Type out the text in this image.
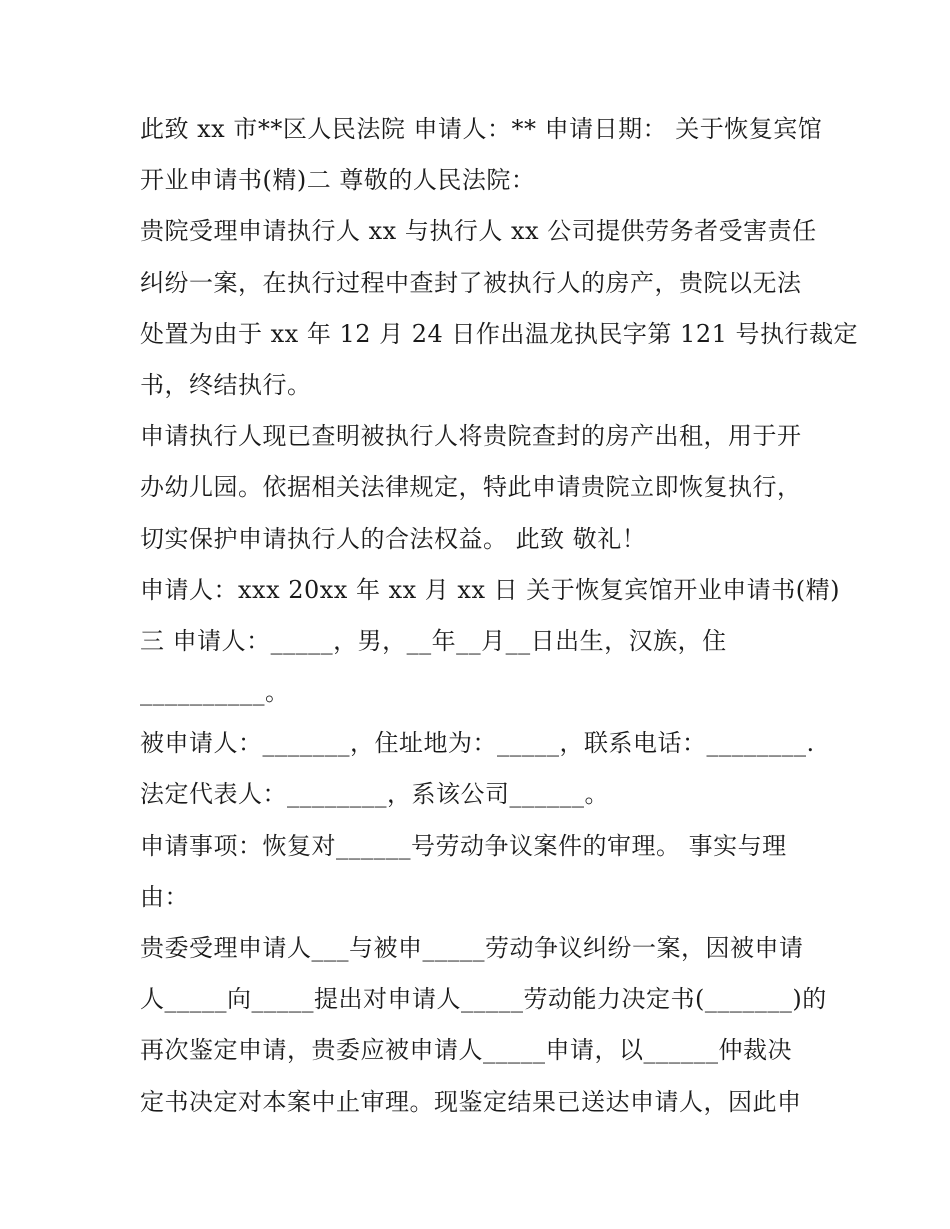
此致 xx 市**区人民法院 申请人：** 申请日期： 关于恢复宾馆
开业申请书(精)二 尊敬的人民法院：
贵院受理申请执行人 xx 与执行人 xx 公司提供劳务者受害责任
纠纷一案，在执行过程中查封了被执行人的房产，贵院以无法
处置为由于 xx 年 12 月 24 日作出温龙执民字第 121 号执行裁定
书，终结执行。
申请执行人现已查明被执行人将贵院查封的房产出租，用于开
办幼儿园。依据相关法律规定，特此申请贵院立即恢复执行，
切实保护申请执行人的合法权益。 此致 敬礼！
申请人：xxx 20xx 年 xx 月 xx 日 关于恢复宾馆开业申请书(精)
三 申请人：_____，男，__年__月__日出生，汉族，住
__________。
被申请人：_______，住址地为：_____，联系电话：________.
法定代表人：________，系该公司______。
申请事项：恢复对______号劳动争议案件的审理。 事实与理
由：
贵委受理申请人___与被申_____劳动争议纠纷一案，因被申请
人_____向_____提出对申请人_____劳动能力决定书(_______)的
再次鉴定申请，贵委应被申请人_____申请，以______仲裁决
定书决定对本案中止审理。现鉴定结果已送达申请人，因此申
